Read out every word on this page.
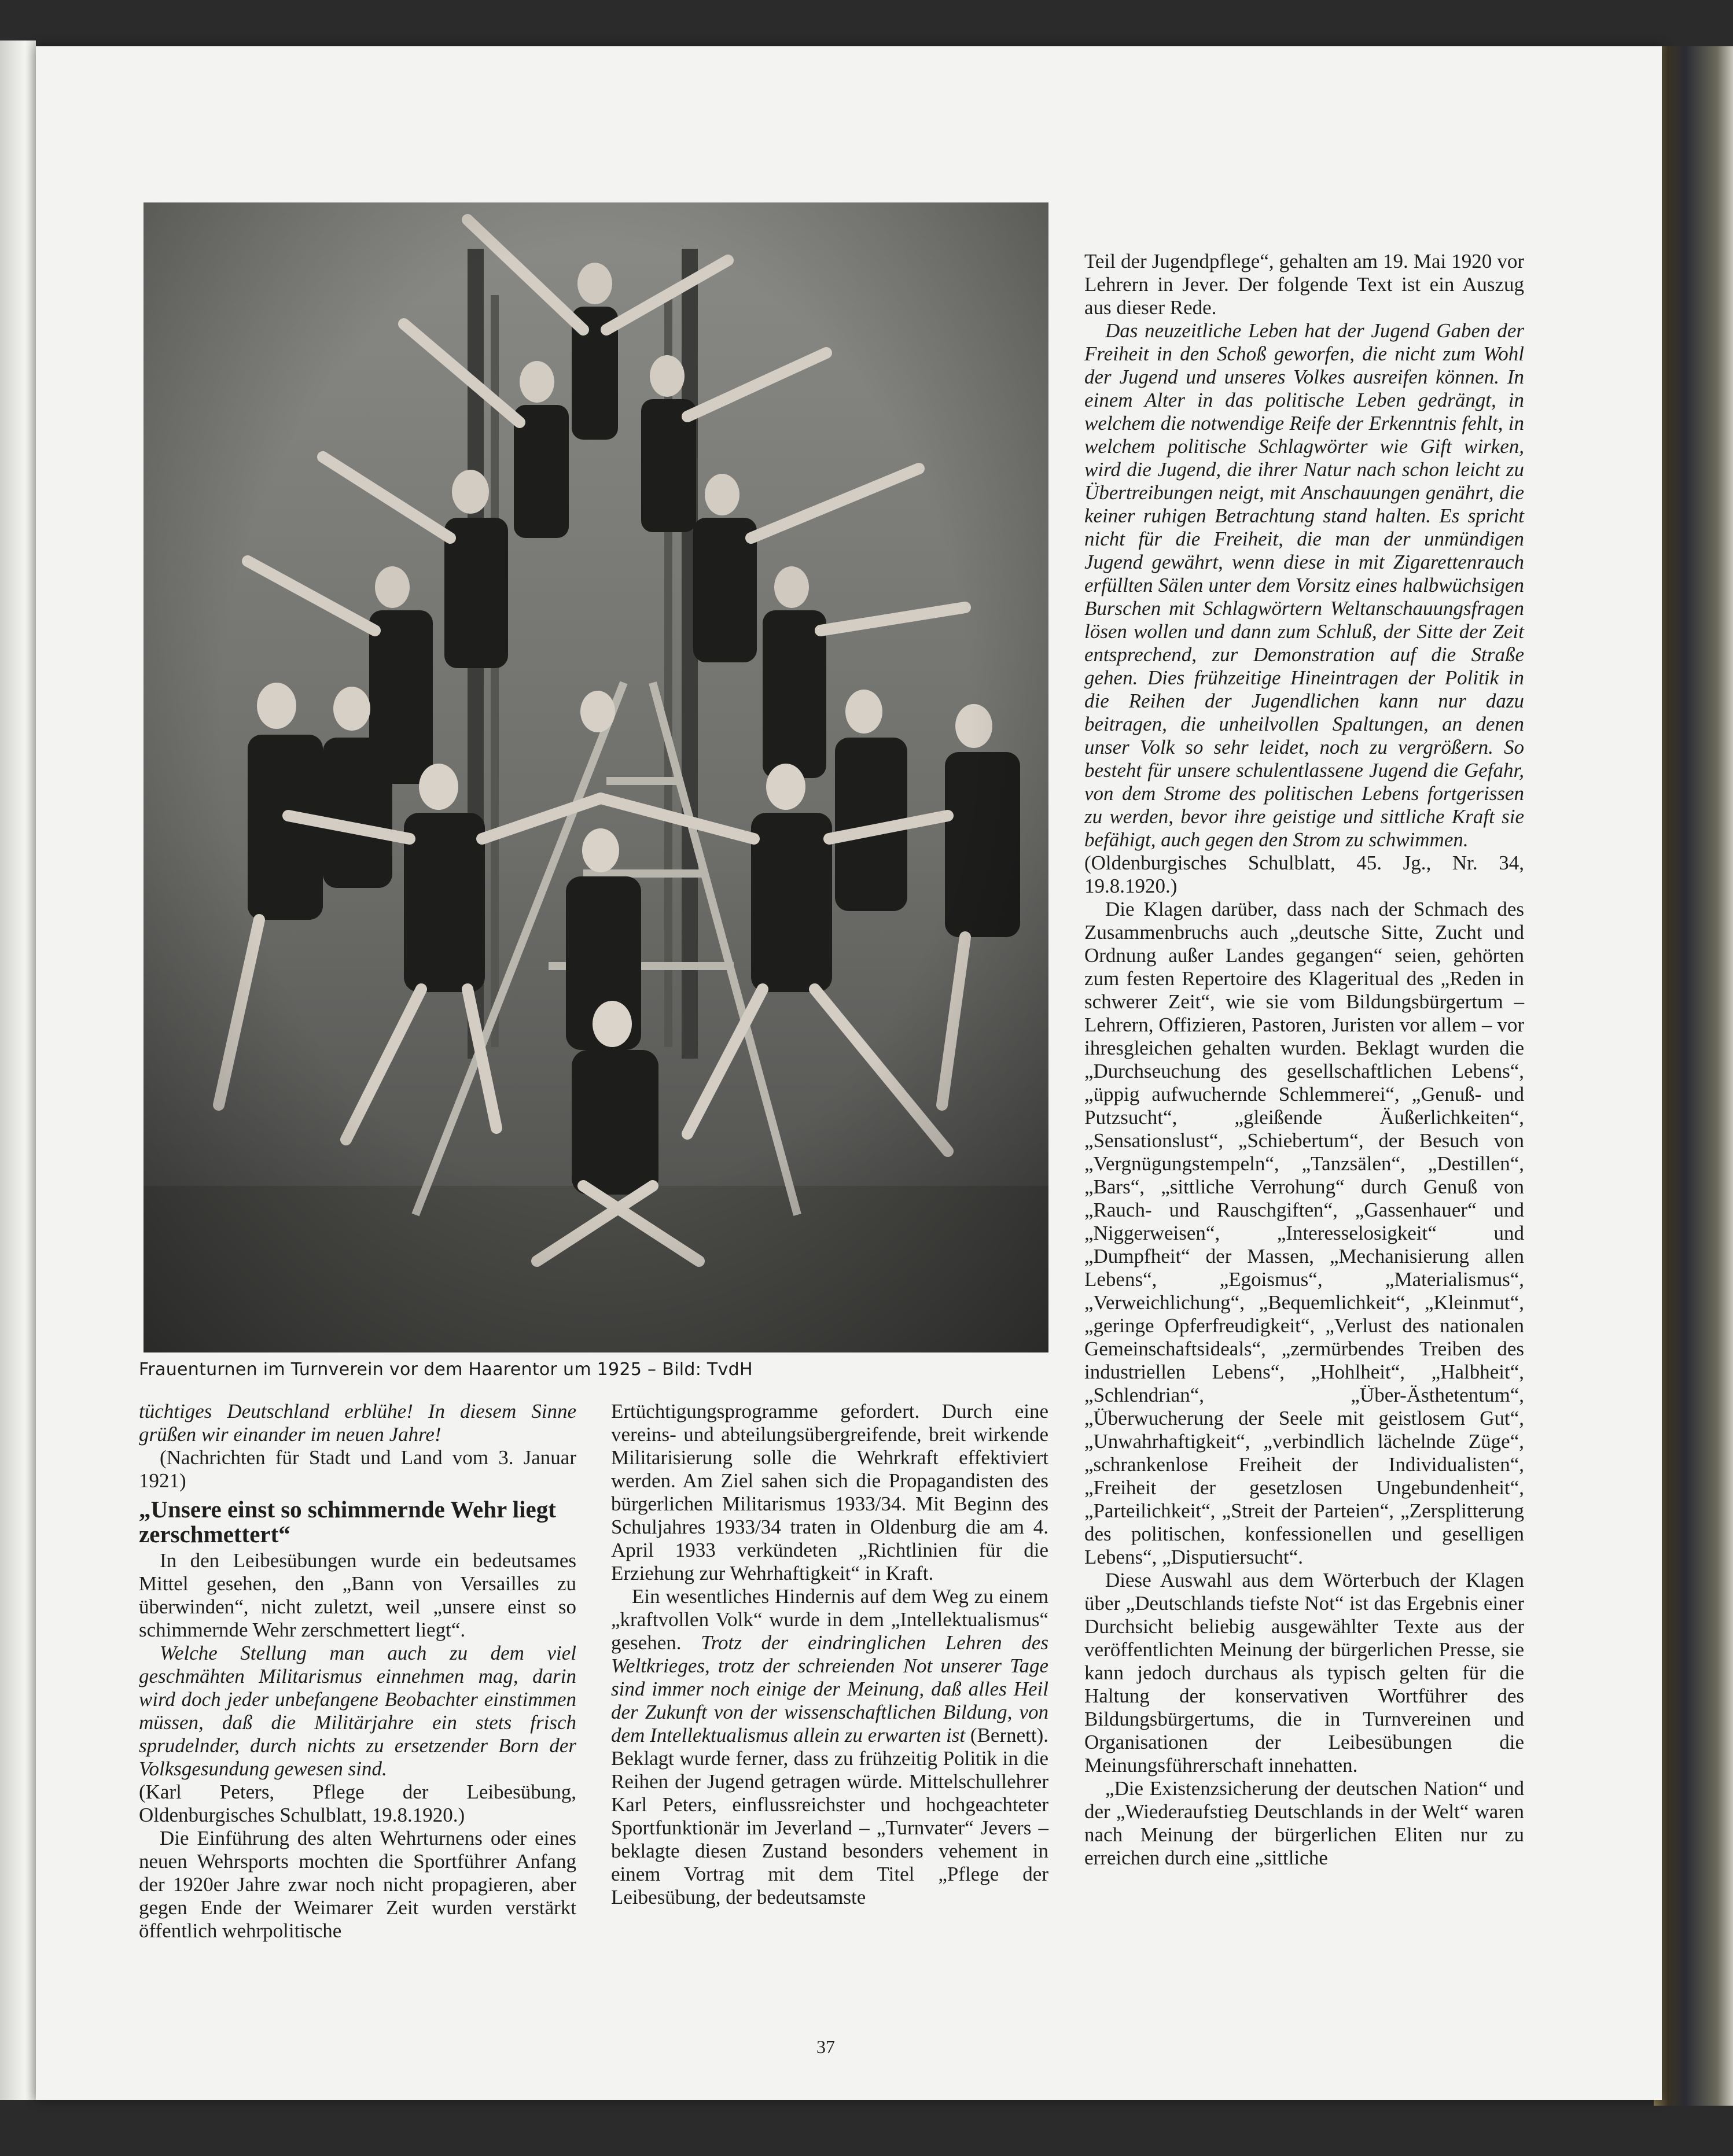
Frauenturnen im Turnverein vor dem Haarentor um 1925 – Bild: TvdH

tüchtiges Deutschland erblühe! In diesem Sinne grüßen wir einander im neuen Jahre!

(Nachrichten für Stadt und Land vom 3. Januar 1921)

„Unsere einst so schimmernde Wehr liegt zerschmettert“

In den Leibesübungen wurde ein bedeutsames Mittel gesehen, den „Bann von Versailles zu überwinden“, nicht zuletzt, weil „unsere einst so schimmernde Wehr zerschmettert liegt“.

Welche Stellung man auch zu dem viel geschmähten Militarismus einnehmen mag, darin wird doch jeder unbefangene Beobachter einstimmen müssen, daß die Militärjahre ein stets frisch sprudelnder, durch nichts zu ersetzender Born der Volksgesundung gewesen sind.

(Karl Peters, Pflege der Leibesübung, Oldenburgisches Schulblatt, 19.8.1920.)

Die Einführung des alten Wehrturnens oder eines neuen Wehrsports mochten die Sportführer Anfang der 1920er Jahre zwar noch nicht propagieren, aber gegen Ende der Weimarer Zeit wurden verstärkt öffentlich wehrpolitische

Ertüchtigungsprogramme gefordert. Durch eine vereins- und abteilungsübergreifende, breit wirkende Militarisierung solle die Wehrkraft effektiviert werden. Am Ziel sahen sich die Propagandisten des bürgerlichen Militarismus 1933/34. Mit Beginn des Schuljahres 1933/34 traten in Oldenburg die am 4. April 1933 verkündeten „Richtlinien für die Erziehung zur Wehrhaftigkeit“ in Kraft.

Ein wesentliches Hindernis auf dem Weg zu einem „kraftvollen Volk“ wurde in dem „Intellektualismus“ gesehen. Trotz der eindringlichen Lehren des Weltkrieges, trotz der schreienden Not unserer Tage sind immer noch einige der Meinung, daß alles Heil der Zukunft von der wissenschaftlichen Bildung, von dem Intellektualismus allein zu erwarten ist (Bernett). Beklagt wurde ferner, dass zu frühzeitig Politik in die Reihen der Jugend getragen würde. Mittelschullehrer Karl Peters, einflussreichster und hochgeachteter Sportfunktionär im Jeverland – „Turnvater“ Jevers – beklagte diesen Zustand besonders vehement in einem Vortrag mit dem Titel „Pflege der Leibesübung, der bedeutsamste

Teil der Jugendpflege“, gehalten am 19. Mai 1920 vor Lehrern in Jever. Der folgende Text ist ein Auszug aus dieser Rede.

Das neuzeitliche Leben hat der Jugend Gaben der Freiheit in den Schoß geworfen, die nicht zum Wohl der Jugend und unseres Volkes ausreifen können. In einem Alter in das politische Leben gedrängt, in welchem die notwendige Reife der Erkenntnis fehlt, in welchem politische Schlagwörter wie Gift wirken, wird die Jugend, die ihrer Natur nach schon leicht zu Übertreibungen neigt, mit Anschauungen genährt, die keiner ruhigen Betrachtung stand halten. Es spricht nicht für die Freiheit, die man der unmündigen Jugend gewährt, wenn diese in mit Zigarettenrauch erfüllten Sälen unter dem Vorsitz eines halbwüchsigen Burschen mit Schlagwörtern Weltanschauungsfragen lösen wollen und dann zum Schluß, der Sitte der Zeit entsprechend, zur Demonstration auf die Straße gehen. Dies frühzeitige Hineintragen der Politik in die Reihen der Jugendlichen kann nur dazu beitragen, die unheilvollen Spaltungen, an denen unser Volk so sehr leidet, noch zu vergrößern. So besteht für unsere schulentlassene Jugend die Gefahr, von dem Strome des politischen Lebens fortgerissen zu werden, bevor ihre geistige und sittliche Kraft sie befähigt, auch gegen den Strom zu schwimmen.

(Oldenburgisches Schulblatt, 45. Jg., Nr. 34, 19.8.1920.)

Die Klagen darüber, dass nach der Schmach des Zusammenbruchs auch „deutsche Sitte, Zucht und Ordnung außer Landes gegangen“ seien, gehörten zum festen Repertoire des Klageritual des „Reden in schwerer Zeit“, wie sie vom Bildungsbürgertum – Lehrern, Offizieren, Pastoren, Juristen vor allem – vor ihresgleichen gehalten wurden. Beklagt wurden die „Durchseuchung des gesellschaftlichen Lebens“, „üppig aufwuchernde Schlemmerei“, „Genuß- und Putzsucht“, „gleißende Äußerlichkeiten“, „Sensationslust“, „Schiebertum“, der Besuch von „Vergnügungstempeln“, „Tanzsälen“, „Destillen“, „Bars“, „sittliche Verrohung“ durch Genuß von „Rauch- und Rauschgiften“, „Gassenhauer“ und „Niggerweisen“, „Interesselosigkeit“ und „Dumpfheit“ der Massen, „Mechanisierung allen Lebens“, „Egoismus“, „Materialismus“, „Verweichlichung“, „Bequemlichkeit“, „Kleinmut“, „geringe Opferfreudigkeit“, „Verlust des nationalen Gemeinschaftsideals“, „zermürbendes Treiben des industriellen Lebens“, „Hohlheit“, „Halbheit“, „Schlendrian“, „Über-Ästhetentum“, „Überwucherung der Seele mit geistlosem Gut“, „Unwahrhaftigkeit“, „verbindlich lächelnde Züge“, „schrankenlose Freiheit der Individualisten“, „Freiheit der gesetzlosen Ungebundenheit“, „Parteilichkeit“, „Streit der Parteien“, „Zersplitterung des politischen, konfessionellen und geselligen Lebens“, „Disputiersucht“.

Diese Auswahl aus dem Wörterbuch der Klagen über „Deutschlands tiefste Not“ ist das Ergebnis einer Durchsicht beliebig ausgewählter Texte aus der veröffentlichten Meinung der bürgerlichen Presse, sie kann jedoch durchaus als typisch gelten für die Haltung der konservativen Wortführer des Bildungsbürgertums, die in Turnvereinen und Organisationen der Leibesübungen die Meinungsführerschaft innehatten.

„Die Existenzsicherung der deutschen Nation“ und der „Wiederaufstieg Deutschlands in der Welt“ waren nach Meinung der bürgerlichen Eliten nur zu erreichen durch eine „sittliche

37
